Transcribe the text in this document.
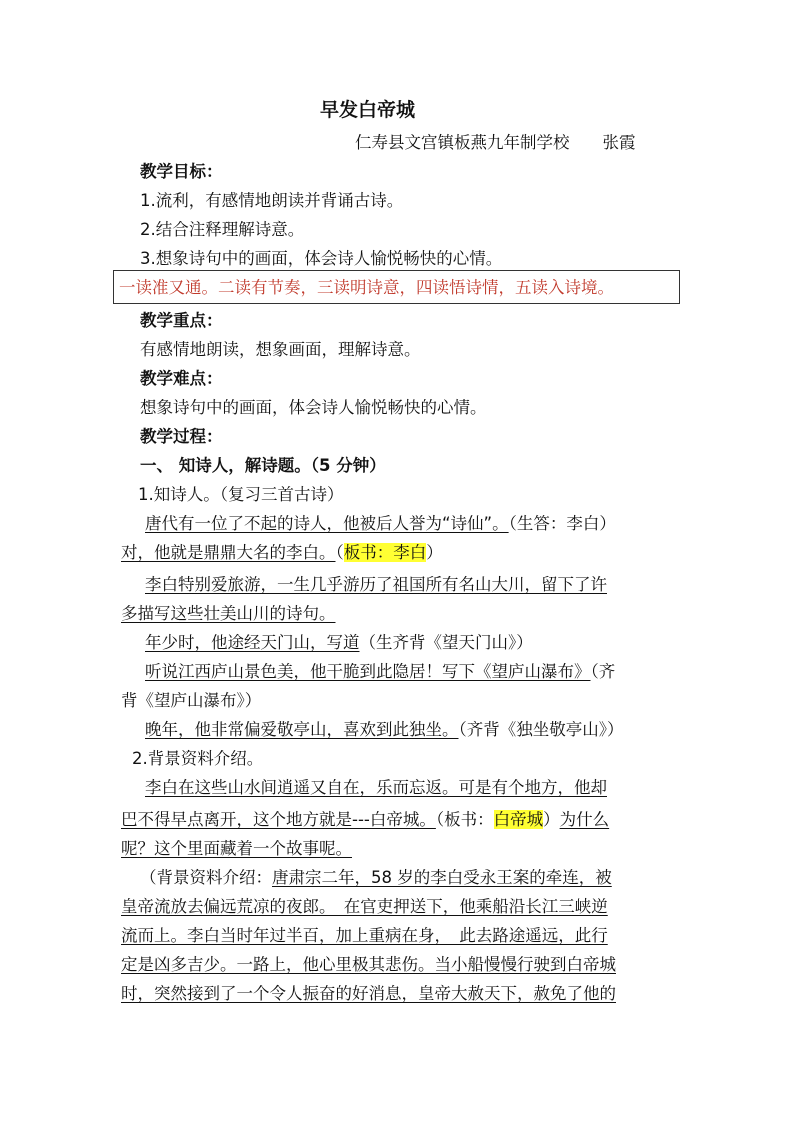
早发白帝城
仁寿县文宫镇板燕九年制学校　　张霞
教学目标：
1.流利，有感情地朗读并背诵古诗。
2.结合注释理解诗意。
3.想象诗句中的画面，体会诗人愉悦畅快的心情。
一读准又通。二读有节奏，三读明诗意，四读悟诗情，五读入诗境。
教学重点：
有感情地朗读，想象画面，理解诗意。
教学难点：
想象诗句中的画面，体会诗人愉悦畅快的心情。
教学过程：
一、 知诗人，解诗题。（5 分钟）
1.知诗人。（复习三首古诗）
唐代有一位了不起的诗人，他被后人誉为“诗仙”。（生答：李白）
对，他就是鼎鼎大名的李白。（板书：李白）
李白特别爱旅游，一生几乎游历了祖国所有名山大川，留下了许
多描写这些壮美山川的诗句。
年少时，他途经天门山，写道（生齐背《望天门山》）
听说江西庐山景色美，他干脆到此隐居！写下《望庐山瀑布》（齐
背《望庐山瀑布》）
晚年，他非常偏爱敬亭山，喜欢到此独坐。（齐背《独坐敬亭山》）
2.背景资料介绍。
李白在这些山水间逍遥又自在，乐而忘返。可是有个地方，他却
巴不得早点离开，这个地方就是---白帝城。（板书：白帝城）为什么
呢？这个里面藏着一个故事呢。
（背景资料介绍：唐肃宗二年，58 岁的李白受永王案的牵连，被
皇帝流放去偏远荒凉的夜郎。　在官吏押送下，他乘船沿长江三峡逆
流而上。李白当时年过半百，加上重病在身，　此去路途遥远，此行
定是凶多吉少。一路上，他心里极其悲伤。当小船慢慢行驶到白帝城
时，突然接到了一个令人振奋的好消息，皇帝大赦天下，赦免了他的
